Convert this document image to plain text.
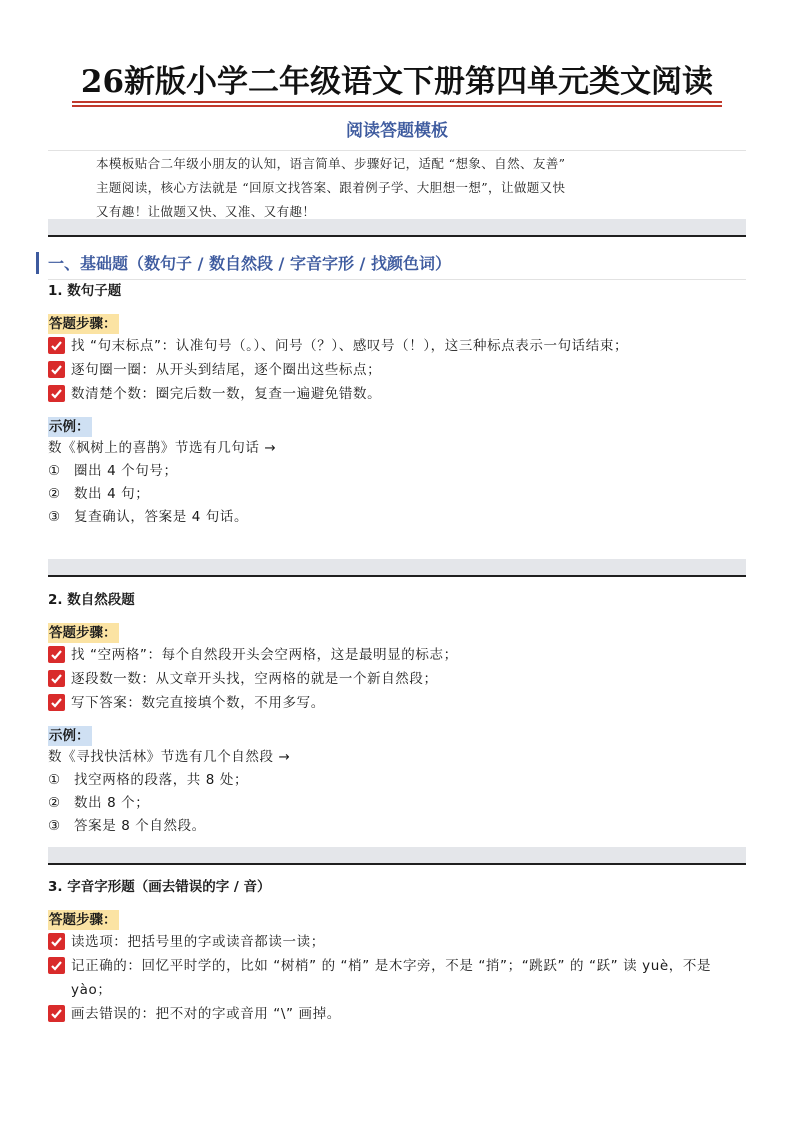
26新版小学二年级语文下册第四单元类文阅读
阅读答题模板
本模板贴合二年级小朋友的认知，语言简单、步骤好记，适配 “想象、自然、友善”
主题阅读，核心方法就是 “回原文找答案、跟着例子学、大胆想一想”，让做题又快
又有趣！让做题又快、又准、又有趣！
一、基础题（数句子 / 数自然段 / 字音字形 / 找颜色词）
1. 数句子题
答题步骤：
找 “句末标点”：认准句号（。）、问号（？）、感叹号（！），这三种标点表示一句话结束；
逐句圈一圈：从开头到结尾，逐个圈出这些标点；
数清楚个数：圈完后数一数，复查一遍避免错数。
示例：
数《枫树上的喜鹊》节选有几句话 →
① 圈出 4 个句号；
② 数出 4 句；
③ 复查确认，答案是 4 句话。
2. 数自然段题
答题步骤：
找 “空两格”：每个自然段开头会空两格，这是最明显的标志；
逐段数一数：从文章开头找，空两格的就是一个新自然段；
写下答案：数完直接填个数，不用多写。
示例：
数《寻找快活林》节选有几个自然段 →
① 找空两格的段落，共 8 处；
② 数出 8 个；
③ 答案是 8 个自然段。
3. 字音字形题（画去错误的字 / 音）
答题步骤：
读选项：把括号里的字或读音都读一读；
记正确的：回忆平时学的，比如 “树梢” 的 “梢” 是木字旁，不是 “捎”；“跳跃” 的 “跃” 读 yuè，不是 yào；
画去错误的：把不对的字或音用 “\” 画掉。
